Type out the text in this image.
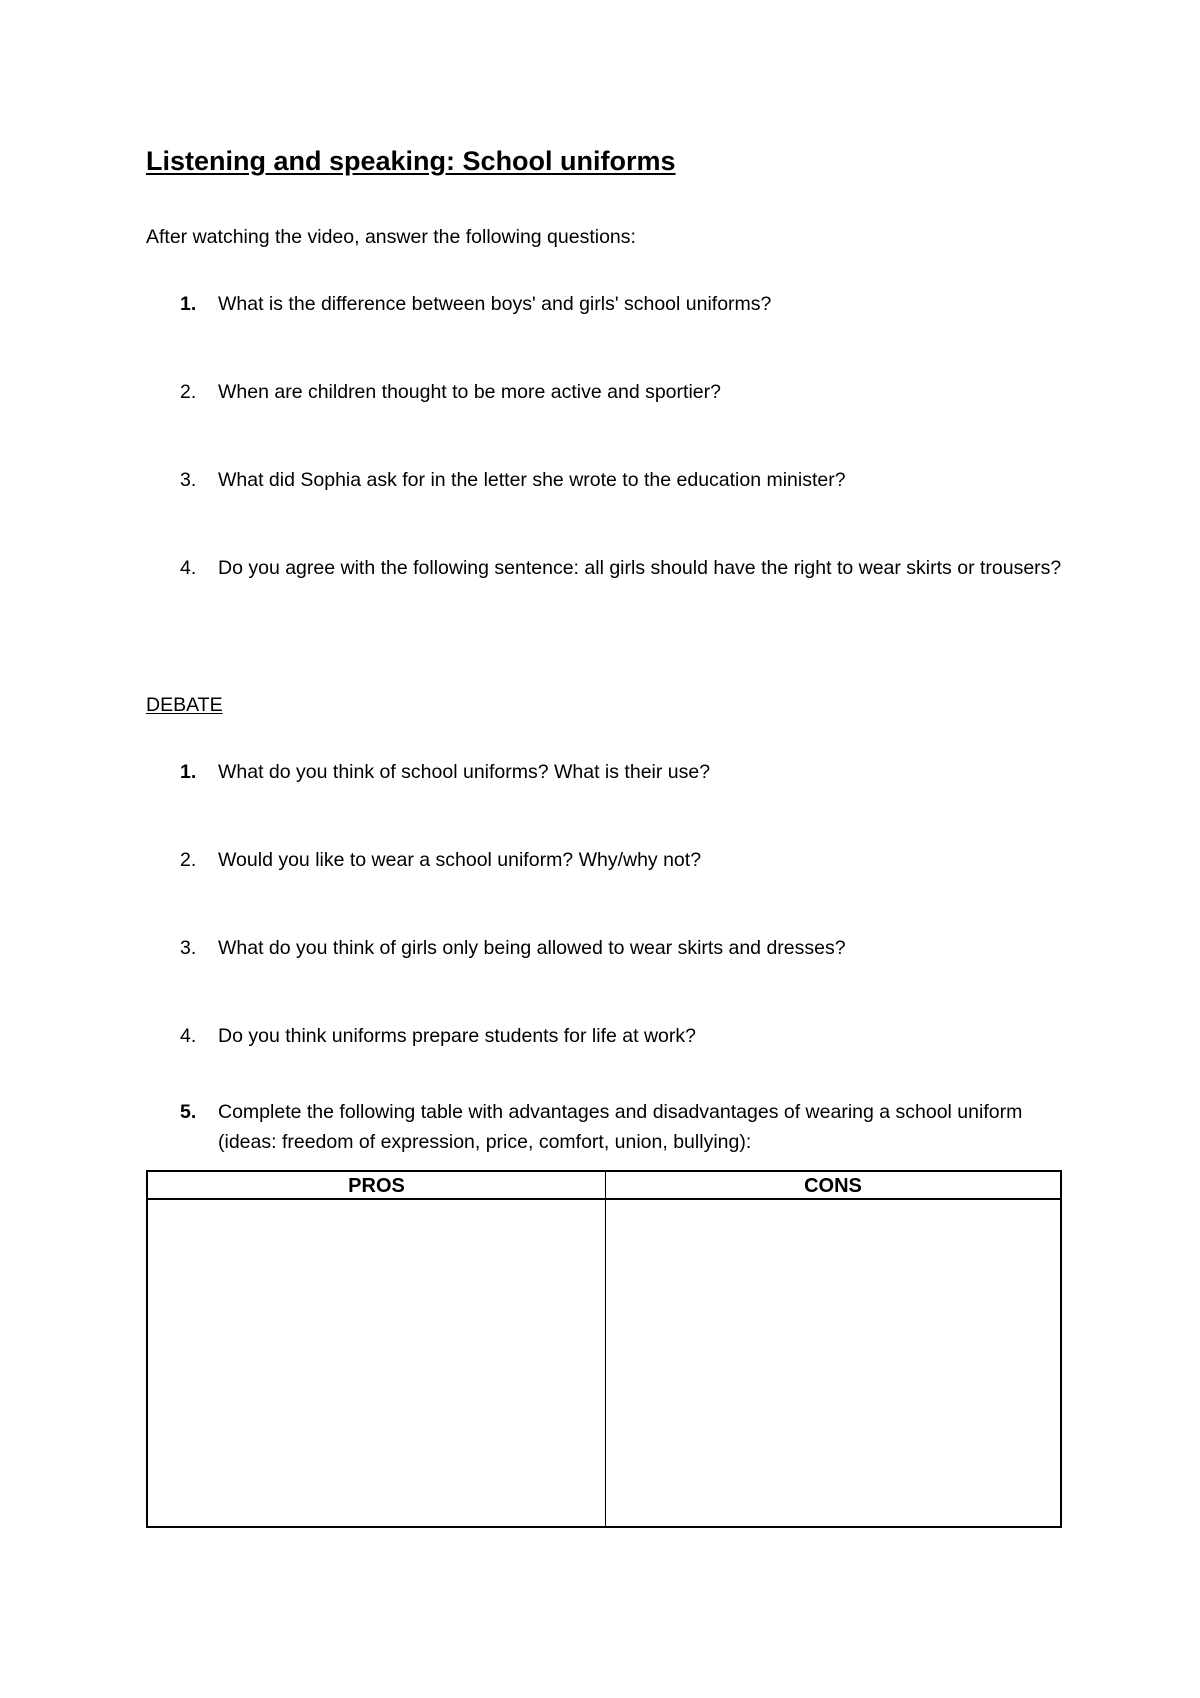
Listening and speaking: School uniforms
After watching the video, answer the following questions:
1. What is the difference between boys' and girls' school uniforms?
2. When are children thought to be more active and sportier?
3. What did Sophia ask for in the letter she wrote to the education minister?
4. Do you agree with the following sentence: all girls should have the right to wear skirts or trousers?
DEBATE
1. What do you think of school uniforms? What is their use?
2. Would you like to wear a school uniform? Why/why not?
3. What do you think of girls only being allowed to wear skirts and dresses?
4. Do you think uniforms prepare students for life at work?
5. Complete the following table with advantages and disadvantages of wearing a school uniform (ideas: freedom of expression, price, comfort, union, bullying):
PROS	CONS
